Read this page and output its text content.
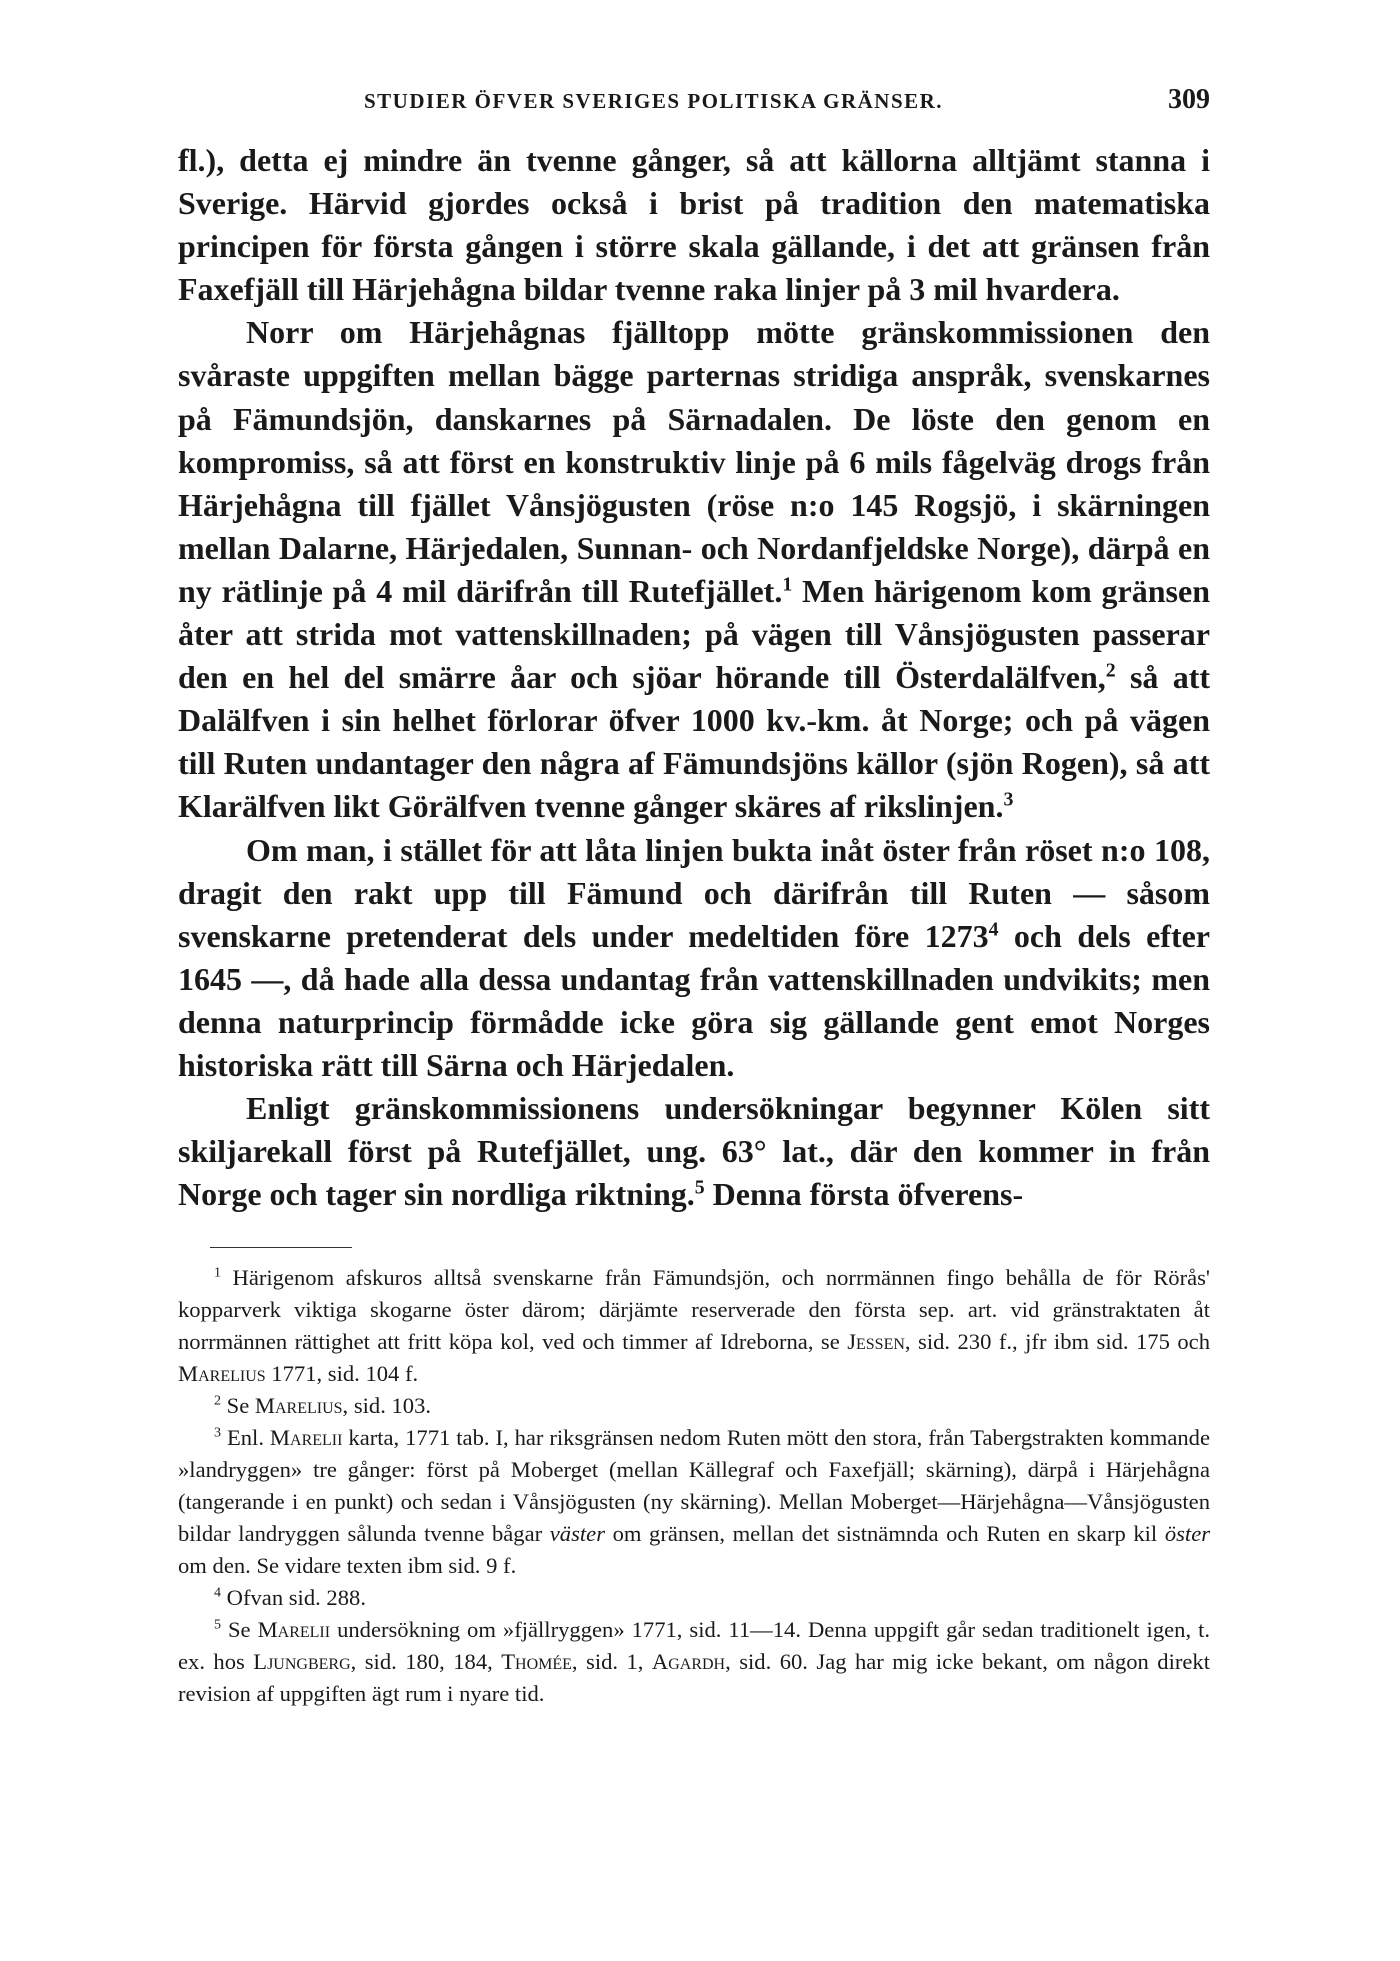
STUDIER ÖFVER SVERIGES POLITISKA GRÄNSER.	309

fl.), detta ej mindre än tvenne gånger, så att källorna alltjämt stanna i Sverige. Härvid gjordes också i brist på tradition den matematiska principen för första gången i större skala gällande, i det att gränsen från Faxefjäll till Härjehågna bildar tvenne raka linjer på 3 mil hvardera.

Norr om Härjehågnas fjälltopp mötte gränskommissionen den svåraste uppgiften mellan bägge parternas stridiga anspråk, svenskarnes på Fämundsjön, danskarnes på Särnadalen. De löste den genom en kompromiss, så att först en konstruktiv linje på 6 mils fågelväg drogs från Härjehågna till fjället Vånsjögusten (röse n:o 145 Rogsjö, i skärningen mellan Dalarne, Härjedalen, Sunnan- och Nordanfjeldske Norge), därpå en ny rätlinje på 4 mil därifrån till Rutefjället.$^1$ Men härigenom kom gränsen åter att strida mot vattenskillnaden; på vägen till Vånsjögusten passerar den en hel del smärre åar och sjöar hörande till Österdalälfven,$^2$ så att Dalälfven i sin helhet förlorar öfver 1000 kv.-km. åt Norge; och på vägen till Ruten undantager den några af Fämundsjöns källor (sjön Rogen), så att Klarälfven likt Görälfven tvenne gånger skäres af rikslinjen.$^3$

Om man, i stället för att låta linjen bukta inåt öster från röset n:o 108, dragit den rakt upp till Fämund och därifrån till Ruten — såsom svenskarne pretenderat dels under medeltiden före 1273$^4$ och dels efter 1645 —, då hade alla dessa undantag från vattenskillnaden undvikits; men denna naturprincip förmådde icke göra sig gällande gent emot Norges historiska rätt till Särna och Härjedalen.

Enligt gränskommissionens undersökningar begynner Kölen sitt skiljarekall först på Rutefjället, ung. 63° lat., där den kommer in från Norge och tager sin nordliga riktning.$^5$ Denna första öfverens-

$^1$ Härigenom afskuros alltså svenskarne från Fämundsjön, och norrmännen fingo behålla de för Rörås' kopparverk viktiga skogarne öster därom; därjämte reserverade den första sep. art. vid gränstraktaten åt norrmännen rättighet att fritt köpa kol, ved och timmer af Idreborna, se Jessen, sid. 230 f., jfr ibm sid. 175 och Marelius 1771, sid. 104 f.

$^2$ Se Marelius, sid. 103.

$^3$ Enl. Marelii karta, 1771 tab. I, har riksgränsen nedom Ruten mött den stora, från Tabergstrakten kommande »landryggen» tre gånger: först på Moberget (mellan Källegraf och Faxefjäll; skärning), därpå i Härjehågna (tangerande i en punkt) och sedan i Vånsjögusten (ny skärning). Mellan Moberget—Härjehågna—Vånsjögusten bildar landryggen sålunda tvenne bågar väster om gränsen, mellan det sistnämnda och Ruten en skarp kil öster om den. Se vidare texten ibm sid. 9 f.

$^4$ Ofvan sid. 288.

$^5$ Se Marelii undersökning om »fjällryggen» 1771, sid. 11—14. Denna uppgift går sedan traditionelt igen, t. ex. hos Ljungberg, sid. 180, 184, Thomée, sid. 1, Agardh, sid. 60. Jag har mig icke bekant, om någon direkt revision af uppgiften ägt rum i nyare tid.
